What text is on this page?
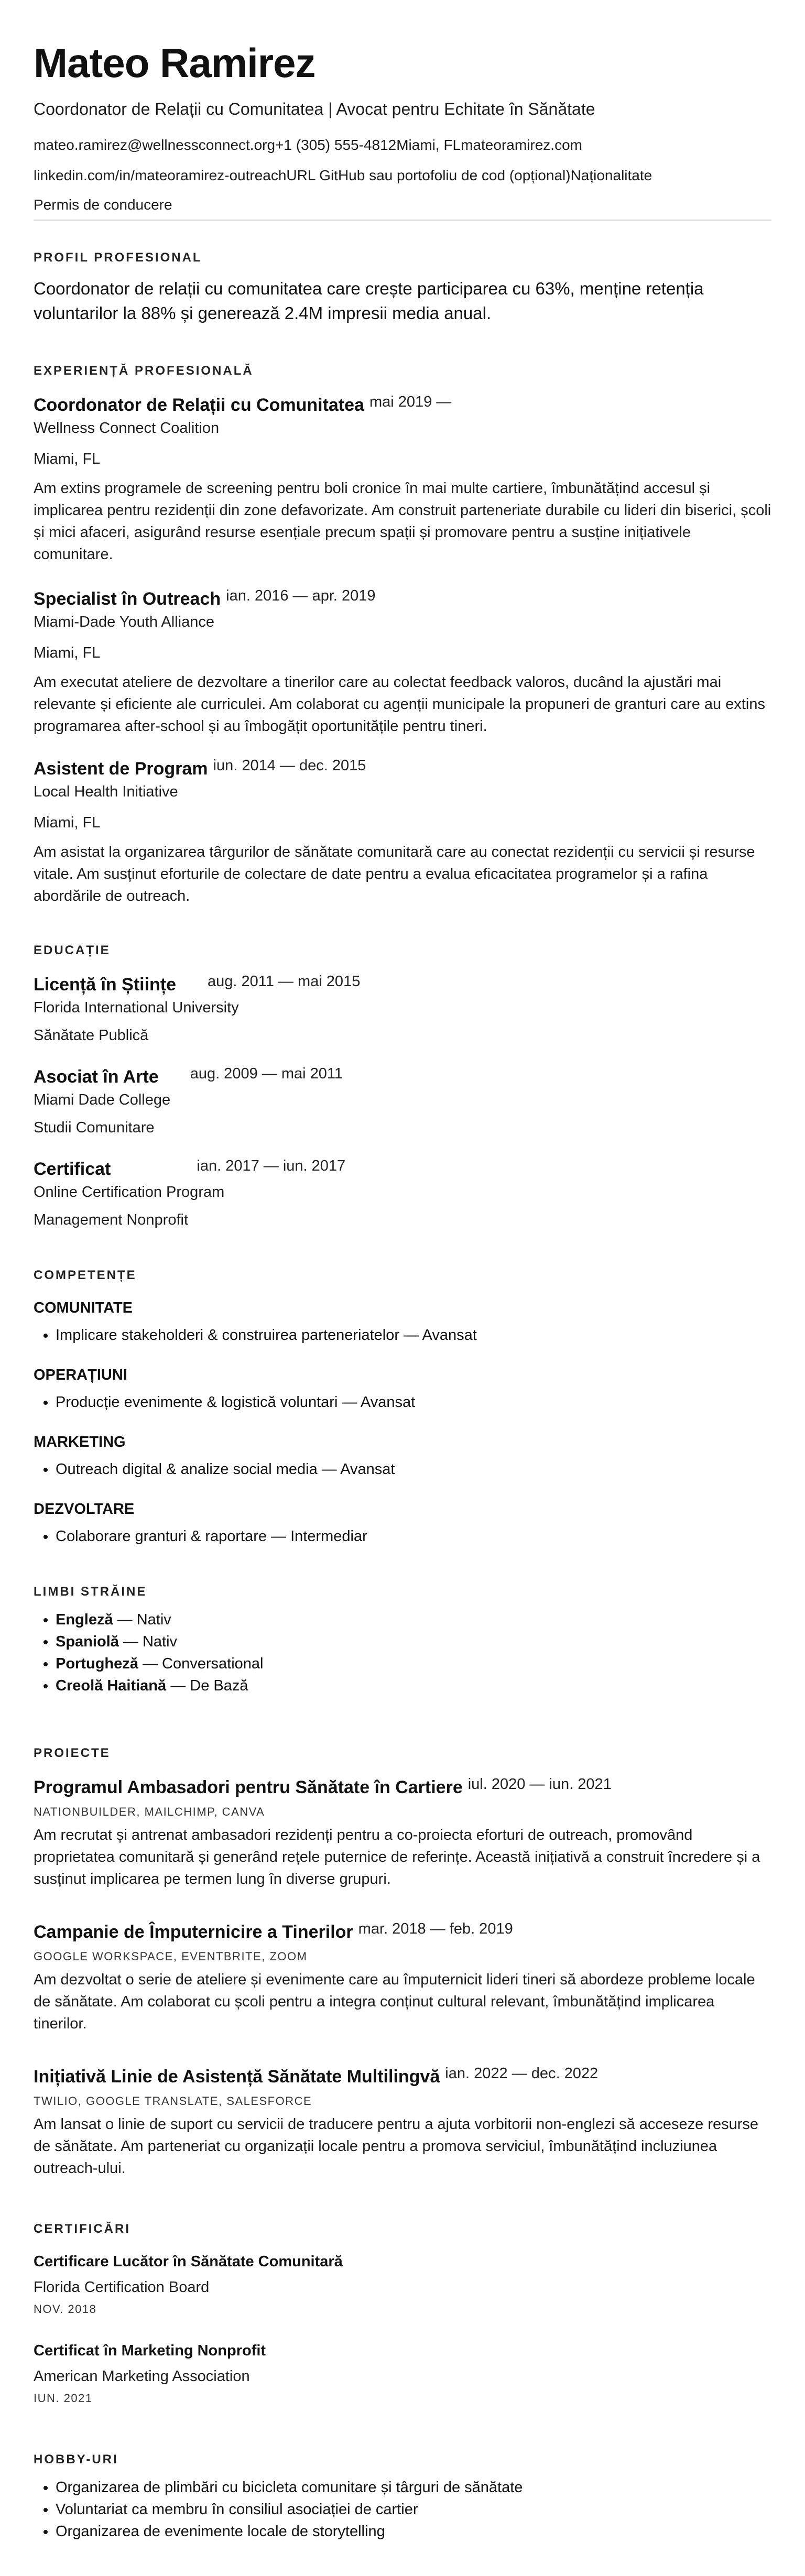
Mateo Ramirez

Coordonator de Relații cu Comunitatea | Avocat pentru Echitate în Sănătate

mateo.ramirez@wellnessconnect.org+1 (305) 555-4812Miami, FLmateoramirez.com

linkedin.com/in/mateoramirez-outreachURL GitHub sau portofoliu de cod (opțional)Naționalitate

Permis de conducere

PROFIL PROFESIONAL

Coordonator de relații cu comunitatea care crește participarea cu 63%, menține retenția voluntarilor la 88% și generează 2.4M impresii media anual.

EXPERIENȚĂ PROFESIONALĂ
Coordonator de Relații cu Comunitatea mai 2019 —

Wellness Connect Coalition

Miami, FL

Am extins programele de screening pentru boli cronice în mai multe cartiere, îmbunătățind accesul și implicarea pentru rezidenții din zone defavorizate. Am construit parteneriate durabile cu lideri din biserici, școli și mici afaceri, asigurând resurse esențiale precum spații și promovare pentru a susține inițiativele comunitare.

Specialist în Outreach ian. 2016 — apr. 2019

Miami-Dade Youth Alliance

Miami, FL

Am executat ateliere de dezvoltare a tinerilor care au colectat feedback valoros, ducând la ajustări mai relevante și eficiente ale curriculei. Am colaborat cu agenții municipale la propuneri de granturi care au extins programarea after-school și au îmbogățit oportunitățile pentru tineri.

Asistent de Program iun. 2014 — dec. 2015

Local Health Initiative

Miami, FL

Am asistat la organizarea târgurilor de sănătate comunitară care au conectat rezidenții cu servicii și resurse vitale. Am susținut eforturile de colectare de date pentru a evalua eficacitatea programelor și a rafina abordările de outreach.

EDUCAȚIE
Licență în Științe aug. 2011 — mai 2015

Florida International University

Sănătate Publică

Asociat în Arte aug. 2009 — mai 2011

Miami Dade College

Studii Comunitare

Certificat	ian. 2017 — iun. 2017

Online Certification Program

Management Nonprofit

COMPETENȚE

COMUNITATE

• Implicare stakeholderi & construirea parteneriatelor — Avansat

OPERAȚIUNI

• Producție evenimente & logistică voluntari — Avansat

MARKETING

• Outreach digital & analize social media — Avansat

DEZVOLTARE

• Colaborare granturi & raportare — Intermediar
LIMBI STRĂINE
• Engleză — Nativ
• Spaniolă — Nativ
• Portugheză — Conversational
• Creolă Haitiană — De Bază
PROIECTE
Programul Ambasadori pentru Sănătate în Cartiere iul. 2020 — iun. 2021

NATIONBUILDER, MAILCHIMP, CANVA

Am recrutat și antrenat ambasadori rezidenți pentru a co-proiecta eforturi de outreach, promovând proprietatea comunitară și generând rețele puternice de referințe. Această inițiativă a construit încredere și a susținut implicarea pe termen lung în diverse grupuri.

Campanie de Împuternicire a Tinerilor mar. 2018 — feb. 2019

GOOGLE WORKSPACE, EVENTBRITE, ZOOM

Am dezvoltat o serie de ateliere și evenimente care au împuternicit lideri tineri să abordeze probleme locale de sănătate. Am colaborat cu școli pentru a integra conținut cultural relevant, îmbunătățind implicarea tinerilor.

Inițiativă Linie de Asistență Sănătate Multilingvă ian. 2022 — dec. 2022

TWILIO, GOOGLE TRANSLATE, SALESFORCE

Am lansat o linie de suport cu servicii de traducere pentru a ajuta vorbitorii non-englezi să acceseze resurse de sănătate. Am parteneriat cu organizații locale pentru a promova serviciul, îmbunătățind incluziunea outreach-ului.

CERTIFICĂRI

Certificare Lucător în Sănătate Comunitară

Florida Certification Board

NOV. 2018

Certificat în Marketing Nonprofit

American Marketing Association

IUN. 2021

HOBBY-URI
• Organizarea de plimbări cu bicicleta comunitare și târguri de sănătate
• Voluntariat ca membru în consiliul asociației de cartier
• Organizarea de evenimente locale de storytelling
